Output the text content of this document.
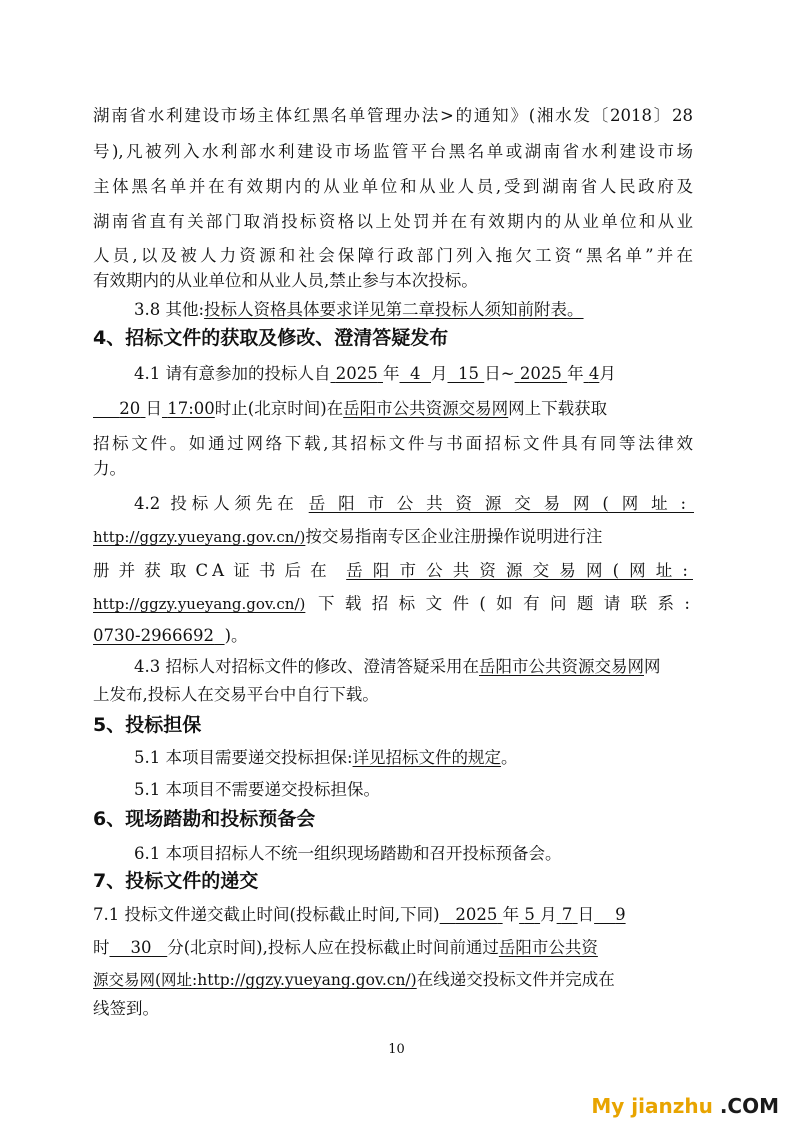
湖南省水利建设市场主体红黑名单管理办法>的通知》(湘水发〔2018〕28
号),凡被列入水利部水利建设市场监管平台黑名单或湖南省水利建设市场
主体黑名单并在有效期内的从业单位和从业人员,受到湖南省人民政府及
湖南省直有关部门取消投标资格以上处罚并在有效期内的从业单位和从业
人员,以及被人力资源和社会保障行政部门列入拖欠工资“黑名单”并在
有效期内的从业单位和从业人员,禁止参与本次投标。
3.8 其他:投标人资格具体要求详见第二章投标人须知前附表。
4、招标文件的获取及修改、澄清答疑发布
4.1 请有意参加的投标人自 2025 年 4 月 15 日~ 2025 年 4月
20 日 17:00时止(北京时间)在岳阳市公共资源交易网网上下载获取
招标文件。如通过网络下载,其招标文件与书面招标文件具有同等法律效
力。
4.2 投标人须先在 岳阳市公共资源交易网(网址:
http://ggzy.yueyang.gov.cn/)按交易指南专区企业注册操作说明进行注
册并获取CA证书后在 岳阳市公共资源交易网(网址:
http://ggzy.yueyang.gov.cn/) 下载招标文件(如有问题请联系:
0730-2966692 )。
4.3 招标人对招标文件的修改、澄清答疑采用在岳阳市公共资源交易网网
上发布,投标人在交易平台中自行下载。
5、投标担保
5.1 本项目需要递交投标担保:详见招标文件的规定。
5.1 本项目不需要递交投标担保。
6、现场踏勘和投标预备会
6.1 本项目招标人不统一组织现场踏勘和召开投标预备会。
7、投标文件的递交
7.1 投标文件递交截止时间(投标截止时间,下同) 2025 年 5 月 7 日 9
时 30 分(北京时间),投标人应在投标截止时间前通过岳阳市公共资
源交易网(网址:http://ggzy.yueyang.gov.cn/)在线递交投标文件并完成在
线签到。
10
My jianzhu .COM
